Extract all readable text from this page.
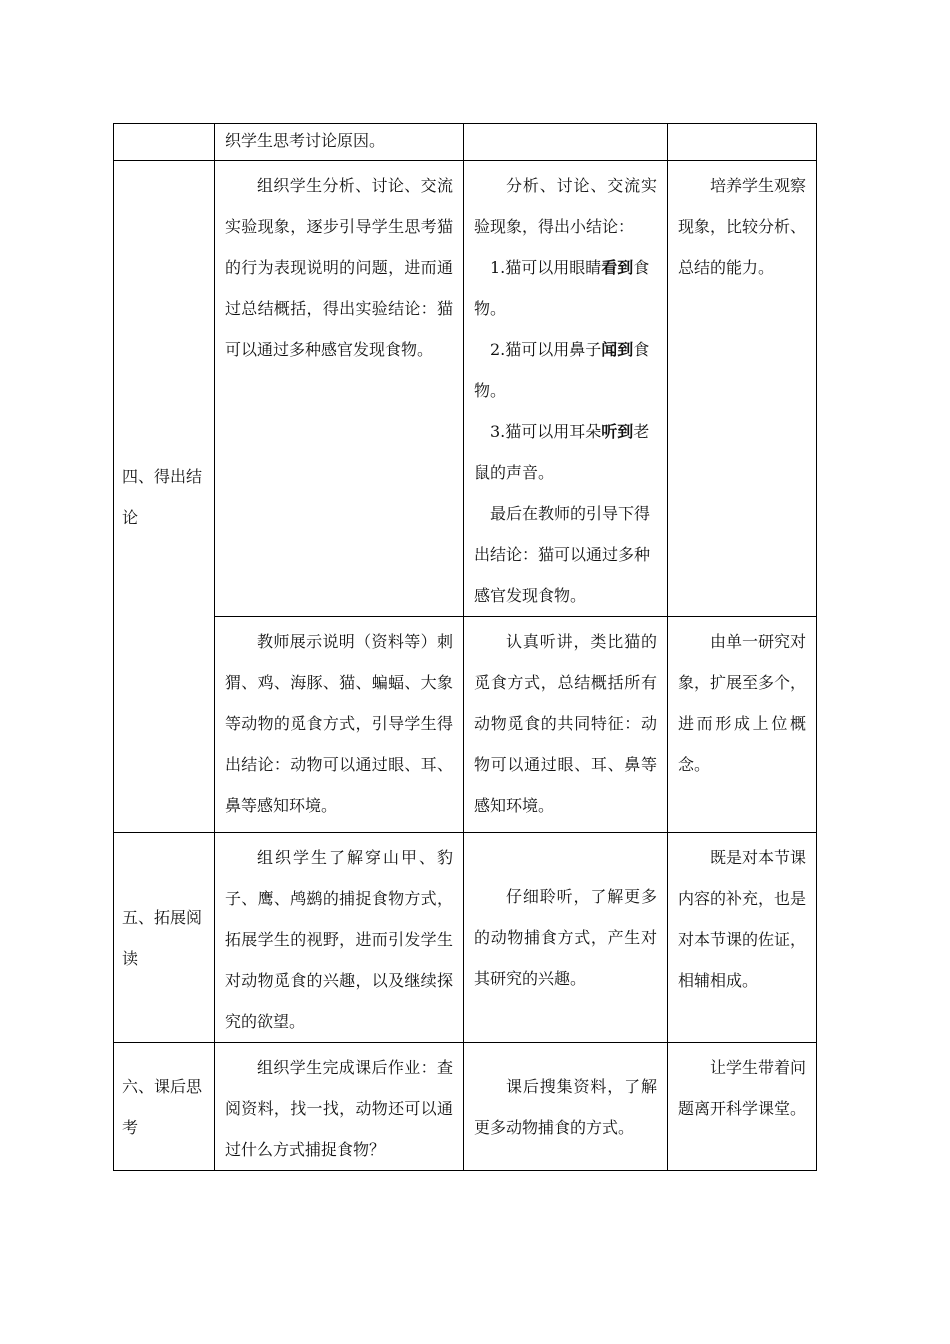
	织学生思考讨论原因。		

四、得出结论	组织学生分析、讨论、交流实验现象，逐步引导学生思考猫的行为表现说明的问题，进而通过总结概括，得出实验结论：猫可以通过多种感官发现食物。	分析、讨论、交流实验现象，得出小结论：

1.猫可以用眼睛看到食物。

2.猫可以用鼻子闻到食物。

3.猫可以用耳朵听到老鼠的声音。

最后在教师的引导下得出结论：猫可以通过多种感官发现食物。	培养学生观察现象，比较分析、总结的能力。

	教师展示说明（资料等）刺猬、鸡、海豚、猫、蝙蝠、大象等动物的觅食方式，引导学生得出结论：动物可以通过眼、耳、鼻等感知环境。	认真听讲，类比猫的觅食方式，总结概括所有动物觅食的共同特征：动物可以通过眼、耳、鼻等感知环境。	由单一研究对象，扩展至多个，进而形成上位概念。

五、拓展阅读	组织学生了解穿山甲、豹子、鹰、鸬鹚的捕捉食物方式，拓展学生的视野，进而引发学生对动物觅食的兴趣，以及继续探究的欲望。	仔细聆听，了解更多的动物捕食方式，产生对其研究的兴趣。	既是对本节课内容的补充，也是对本节课的佐证，相辅相成。

六、课后思考	组织学生完成课后作业：查阅资料，找一找，动物还可以通过什么方式捕捉食物？	课后搜集资料，了解更多动物捕食的方式。	让学生带着问题离开科学课堂。
